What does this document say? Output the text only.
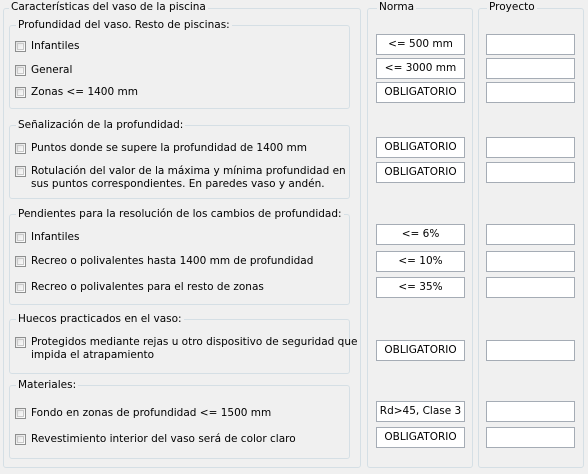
Características del vaso de la piscina	Norma	Proyecto
Profundidad del vaso. Resto de piscinas:
Infantiles
General
Zonas <= 1400 mm
Señalización de la profundidad:
Puntos donde se supere la profundidad de 1400 mm
Rotulación del valor de la máxima y mínima profundidad en
sus puntos correspondientes. En paredes vaso y andén.
Pendientes para la resolución de los cambios de profundidad:
Infantiles
Recreo o polivalentes hasta 1400 mm de profundidad
Recreo o polivalentes para el resto de zonas
Huecos practicados en el vaso:
Protegidos mediante rejas u otro dispositivo de seguridad que
impida el atrapamiento
Materiales:
Fondo en zonas de profundidad <= 1500 mm
Revestimiento interior del vaso será de color claro
<= 500 mm
<= 3000 mm
OBLIGATORIO
OBLIGATORIO
OBLIGATORIO
<= 6%
<= 10%
<= 35%
OBLIGATORIO
Rd>45, Clase 3
OBLIGATORIO
